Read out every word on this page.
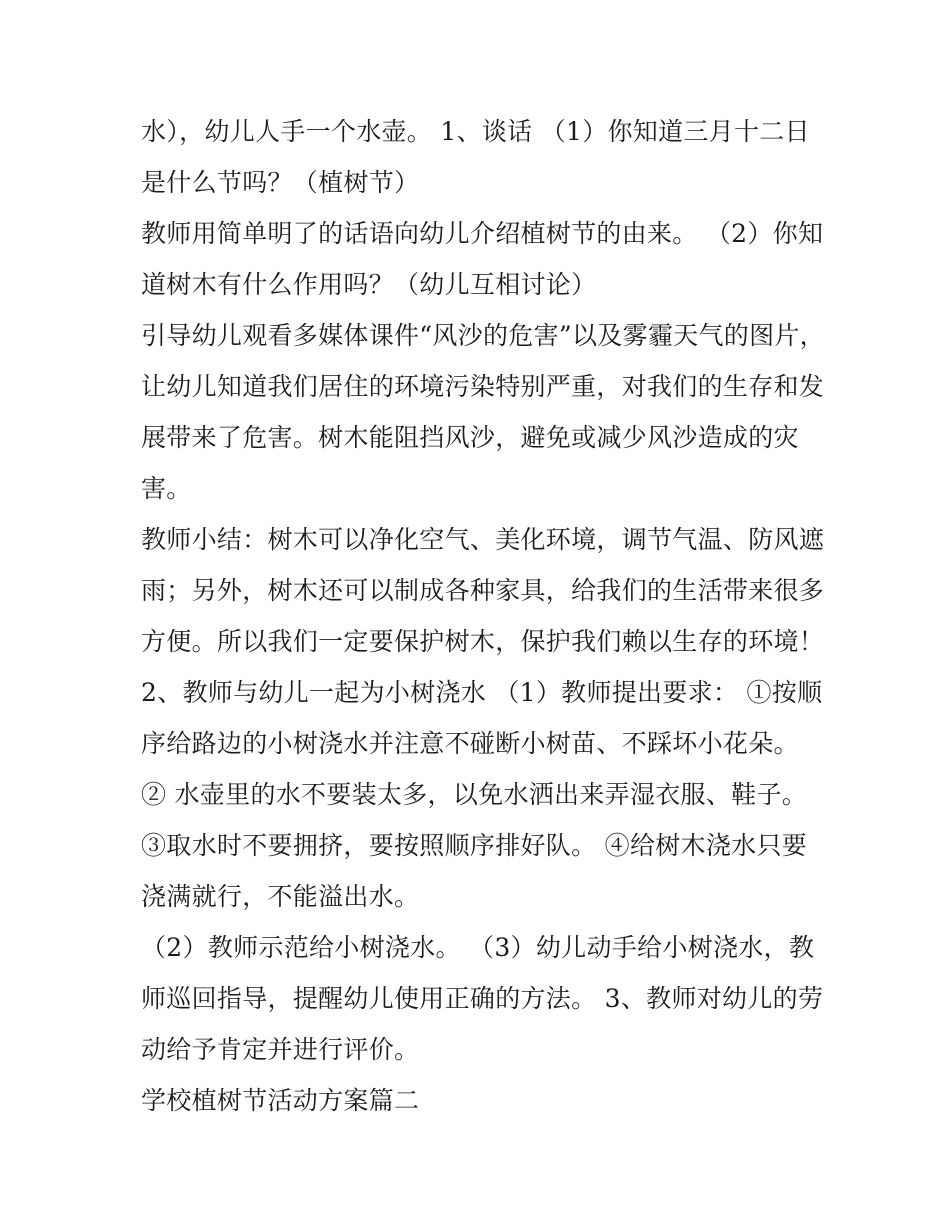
水），幼儿人手一个水壶。 1、谈话 （1）你知道三月十二日
是什么节吗？（植树节）
教师用简单明了的话语向幼儿介绍植树节的由来。 （2）你知
道树木有什么作用吗？（幼儿互相讨论）
引导幼儿观看多媒体课件“风沙的危害”以及雾霾天气的图片，
让幼儿知道我们居住的环境污染特别严重，对我们的生存和发
展带来了危害。树木能阻挡风沙，避免或减少风沙造成的灾
害。
教师小结：树木可以净化空气、美化环境，调节气温、防风遮
雨；另外，树木还可以制成各种家具，给我们的生活带来很多
方便。所以我们一定要保护树木，保护我们赖以生存的环境！
2、教师与幼儿一起为小树浇水 （1）教师提出要求： ①按顺
序给路边的小树浇水并注意不碰断小树苗、不踩坏小花朵。
② 水壶里的水不要装太多，以免水洒出来弄湿衣服、鞋子。
③取水时不要拥挤，要按照顺序排好队。 ④给树木浇水只要
浇满就行，不能溢出水。
（2）教师示范给小树浇水。 （3）幼儿动手给小树浇水，教
师巡回指导，提醒幼儿使用正确的方法。 3、教师对幼儿的劳
动给予肯定并进行评价。
学校植树节活动方案篇二
